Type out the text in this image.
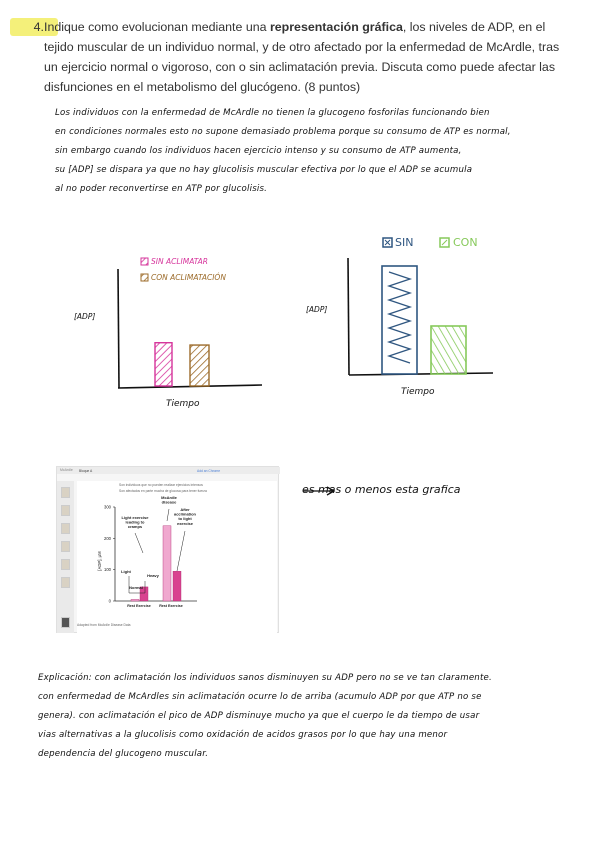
4. Indique como evolucionan mediante una representación gráfica, los niveles de ADP, en el tejido muscular de un individuo normal, y de otro afectado por la enfermedad de McArdle, tras un ejercicio normal o vigoroso, con o sin aclimatación previa. Discuta como puede afectar las disfunciones en el metabolismo del glucógeno. (8 puntos)

Los individuos con la enfermedad de McArdle no tienen la glucogeno fosforilas funcionando bien
en condiciones normales esto no supone demasiado problema porque su consumo de ATP es normal,
sin embargo cuando los individuos hacen ejercicio intenso y su consumo de ATP aumenta,
su [ADP] se dispara ya que no hay glucolisis muscular efectiva por lo que el ADP se acumula
al no poder reconvertirse en ATP por glucolisis.
SIN ACLIMATAR
CON ACLIMATACIÓN
[ADP]
Tiempo
SIN	CON
[ADP]
Tiempo
McArdle	Bloque A	Add an Chrome
Son individuos que no pueden realizar ejercicios intensos
Son afectados en parte mucha de glucosa para tener fuerza
0
100
200
300
[ADP], µM
Rest Exercise Rest Exercise
Light exercise leading to cramps
Light
Heavy
Normal
McArdle disease
After acclimation to light exercise
Adapted from McArdle Disease Data
es mas o menos esta grafica
Explicación: con aclimatación los individuos sanos disminuyen su ADP pero no se ve tan claramente.
con enfermedad de McArdles sin aclimatación ocurre lo de arriba (acumulo ADP por que ATP no se
genera). con aclimatación el pico de ADP disminuye mucho ya que el cuerpo le da tiempo de usar
vias alternativas a la glucolisis como oxidación de acidos grasos por lo que hay una menor
dependencia del glucogeno muscular.
